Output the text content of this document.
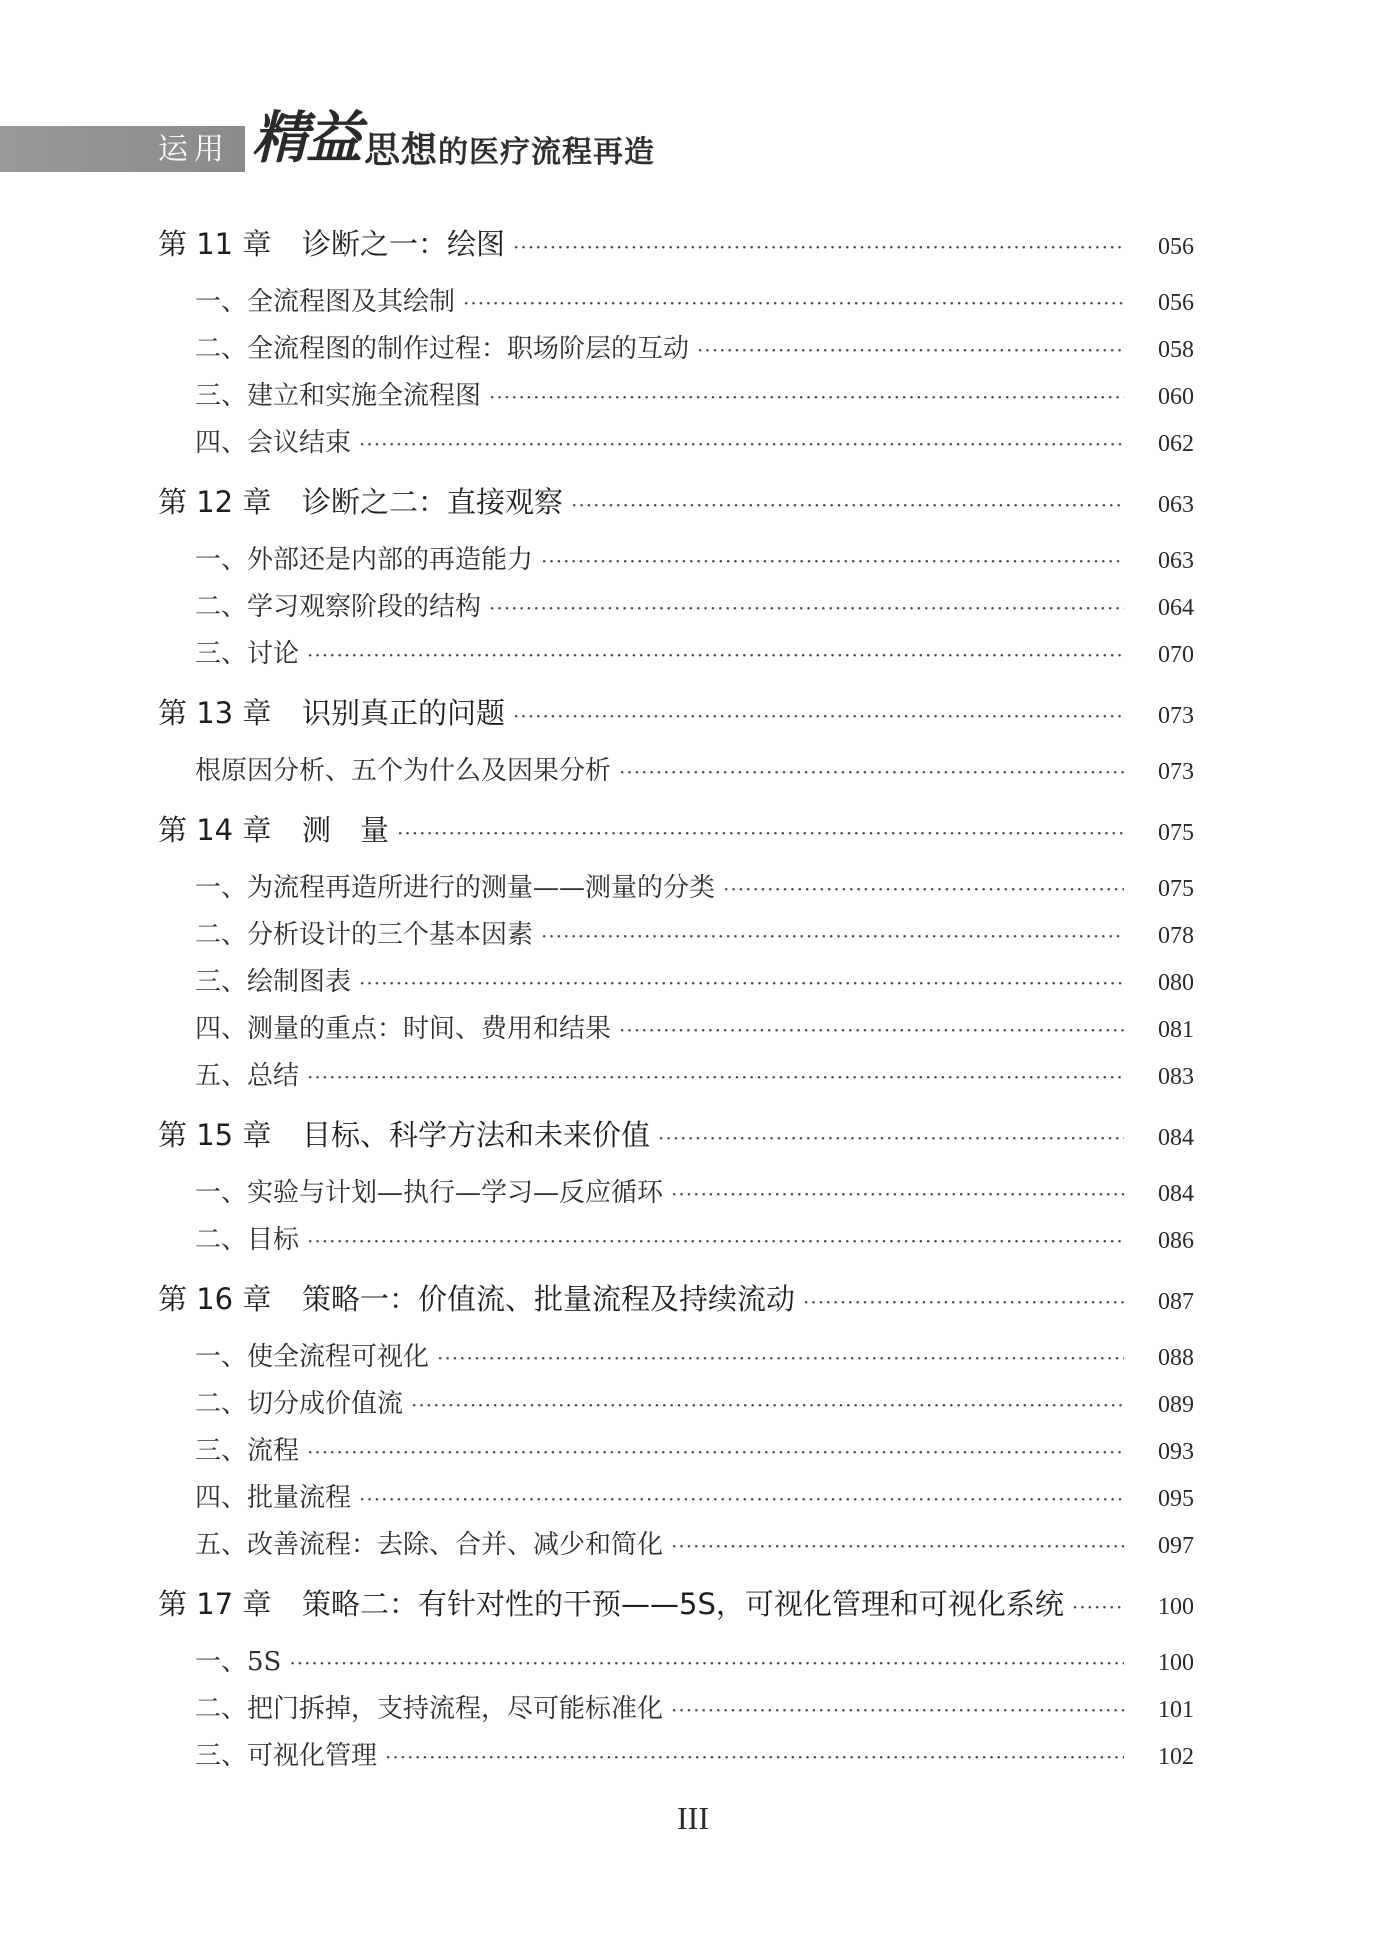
运用 精益 思想的医疗流程再造
第 11 章 诊断之一：绘图 ·····	056
一、全流程图及其绘制 ·····	056
二、全流程图的制作过程：职场阶层的互动 ·····	058
三、建立和实施全流程图 ·····	060
四、会议结束 ·····	062
第 12 章 诊断之二：直接观察 ·····	063
一、外部还是内部的再造能力 ·····	063
二、学习观察阶段的结构 ·····	064
三、讨论 ·····	070
第 13 章 识别真正的问题 ·····	073
根原因分析、五个为什么及因果分析 ·····	073
第 14 章 测　量 ·····	075
一、为流程再造所进行的测量——测量的分类 ·····	075
二、分析设计的三个基本因素 ·····	078
三、绘制图表 ·····	080
四、测量的重点：时间、费用和结果 ·····	081
五、总结 ·····	083
第 15 章 目标、科学方法和未来价值 ·····	084
一、实验与计划—执行—学习—反应循环 ·····	084
二、目标 ·····	086
第 16 章 策略一：价值流、批量流程及持续流动 ·····	087
一、使全流程可视化 ·····	088
二、切分成价值流 ·····	089
三、流程 ·····	093
四、批量流程 ·····	095
五、改善流程：去除、合并、减少和简化 ·····	097
第 17 章 策略二：有针对性的干预——5S，可视化管理和可视化系统 ·····	100
一、5S ·····	100
二、把门拆掉，支持流程，尽可能标准化 ·····	101
三、可视化管理 ·····	102
III
